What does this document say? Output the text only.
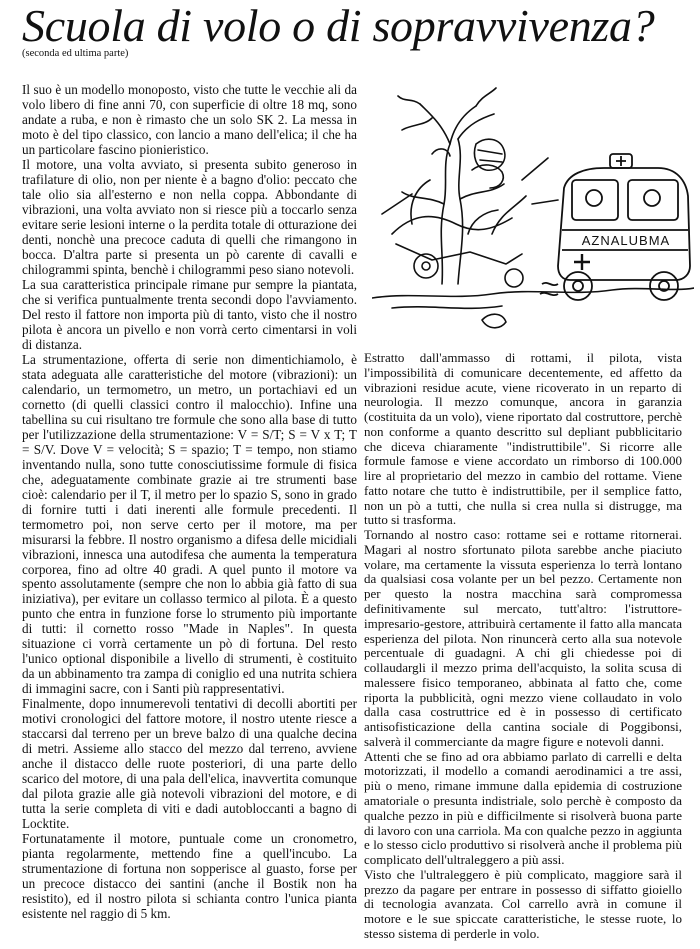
Scuola di volo o di sopravvivenza?
(seconda ed ultima parte)
AZNALUBMA

Il suo è un modello monoposto, visto che tutte le vecchie ali da volo libero di fine anni 70, con superficie di oltre 18 mq, sono andate a ruba, e non è rimasto che un solo SK 2. La messa in moto è del tipo classico, con lancio a mano dell'elica; il che ha un particolare fascino pionieristico.

Il motore, una volta avviato, si presenta subito generoso in trafilature di olio, non per niente è a bagno d'olio: peccato che tale olio sia all'esterno e non nella coppa. Abbondante di vibrazioni, una volta avviato non si riesce più a toccarlo senza evitare serie lesioni interne o la perdita totale di otturazione dei denti, nonchè una precoce caduta di quelli che rimangono in bocca. D'altra parte si presenta un pò carente di cavalli e chilogrammi spinta, benchè i chilogrammi peso siano notevoli.

La sua caratteristica principale rimane pur sempre la piantata, che si verifica puntualmente trenta secondi dopo l'avviamento. Del resto il fattore non importa più di tanto, visto che il nostro pilota è ancora un pivello e non vorrà certo cimentarsi in voli di distanza.

La strumentazione, offerta di serie non dimentichiamolo, è stata adeguata alle caratteristiche del motore (vibrazioni): un calendario, un termometro, un metro, un portachiavi ed un cornetto (di quelli classici contro il malocchio). Infine una tabellina su cui risultano tre formule che sono alla base di tutto per l'utilizzazione della strumentazione: V = S/T; S = V x T; T = S/V. Dove V = velocità; S = spazio; T = tempo, non stiamo inventando nulla, sono tutte conosciutissime formule di fisica che, adeguatamente combinate grazie ai tre strumenti base cioè: calendario per il T, il metro per lo spazio S, sono in grado di fornire tutti i dati inerenti alle formule precedenti. Il termometro poi, non serve certo per il motore, ma per misurarsi la febbre. Il nostro organismo a difesa delle micidiali vibrazioni, innesca una autodifesa che aumenta la temperatura corporea, fino ad oltre 40 gradi. A quel punto il motore va spento assolutamente (sempre che non lo abbia già fatto di sua iniziativa), per evitare un collasso termico al pilota. È a questo punto che entra in funzione forse lo strumento più importante di tutti: il cornetto rosso "Made in Naples". In questa situazione ci vorrà certamente un pò di fortuna. Del resto l'unico optional disponibile a livello di strumenti, è costituito da un abbinamento tra zampa di coniglio ed una nutrita schiera di immagini sacre, con i Santi più rappresentativi.

Finalmente, dopo innumerevoli tentativi di decolli abortiti per motivi cronologici del fattore motore, il nostro utente riesce a staccarsi dal terreno per un breve balzo di una qualche decina di metri. Assieme allo stacco del mezzo dal terreno, avviene anche il distacco delle ruote posteriori, di una parte dello scarico del motore, di una pala dell'elica, inavvertita comunque dal pilota grazie alle già notevoli vibrazioni del motore, e di tutta la serie completa di viti e dadi autobloccanti a bagno di Locktite.

Fortunatamente il motore, puntuale come un cronometro, pianta regolarmente, mettendo fine a quell'incubo. La strumentazione di fortuna non sopperisce al guasto, forse per un precoce distacco dei santini (anche il Bostik non ha resistito), ed il nostro pilota si schianta contro l'unica pianta esistente nel raggio di 5 km.

Estratto dall'ammasso di rottami, il pilota, vista l'impossibilità di comunicare decentemente, ed affetto da vibrazioni residue acute, viene ricoverato in un reparto di neurologia. Il mezzo comunque, ancora in garanzia (costituita da un volo), viene riportato dal costruttore, perchè non conforme a quanto descritto sul depliant pubblicitario che diceva chiaramente "indistruttibile". Si ricorre alle formule famose e viene accordato un rimborso di 100.000 lire al proprietario del mezzo in cambio del rottame. Viene fatto notare che tutto è indistruttibile, per il semplice fatto, non un pò a tutti, che nulla si crea nulla si distrugge, ma tutto si trasforma.

Tornando al nostro caso: rottame sei e rottame ritornerai. Magari al nostro sfortunato pilota sarebbe anche piaciuto volare, ma certamente la vissuta esperienza lo terrà lontano da qualsiasi cosa volante per un bel pezzo. Certamente non per questo la nostra macchina sarà compromessa definitivamente sul mercato, tutt'altro: l'istruttore-impresario-gestore, attribuirà certamente il fatto alla mancata esperienza del pilota. Non rinuncerà certo alla sua notevole percentuale di guadagni. A chi gli chiedesse poi di collaudargli il mezzo prima dell'acquisto, la solita scusa di malessere fisico temporaneo, abbinata al fatto che, come riporta la pubblicità, ogni mezzo viene collaudato in volo dalla casa costruttrice ed è in possesso di certificato antisofisticazione della cantina sociale di Poggibonsi, salverà il commerciante da magre figure e notevoli danni.

Attenti che se fino ad ora abbiamo parlato di carrelli e delta motorizzati, il modello a comandi aerodinamici a tre assi, più o meno, rimane immune dalla epidemia di costruzione amatoriale o presunta indistriale, solo perchè è composto da qualche pezzo in più e difficilmente si risolverà buona parte di lavoro con una carriola. Ma con qualche pezzo in aggiunta e lo stesso ciclo produttivo si risolverà anche il problema più complicato dell'ultraleggero a più assi.

Visto che l'ultraleggero è più complicato, maggiore sarà il prezzo da pagare per entrare in possesso di siffatto gioiello di tecnologia avanzata. Col carrello avrà in comune il motore e le sue spiccate caratteristiche, le stesse ruote, lo stesso sistema di perderle in volo.
